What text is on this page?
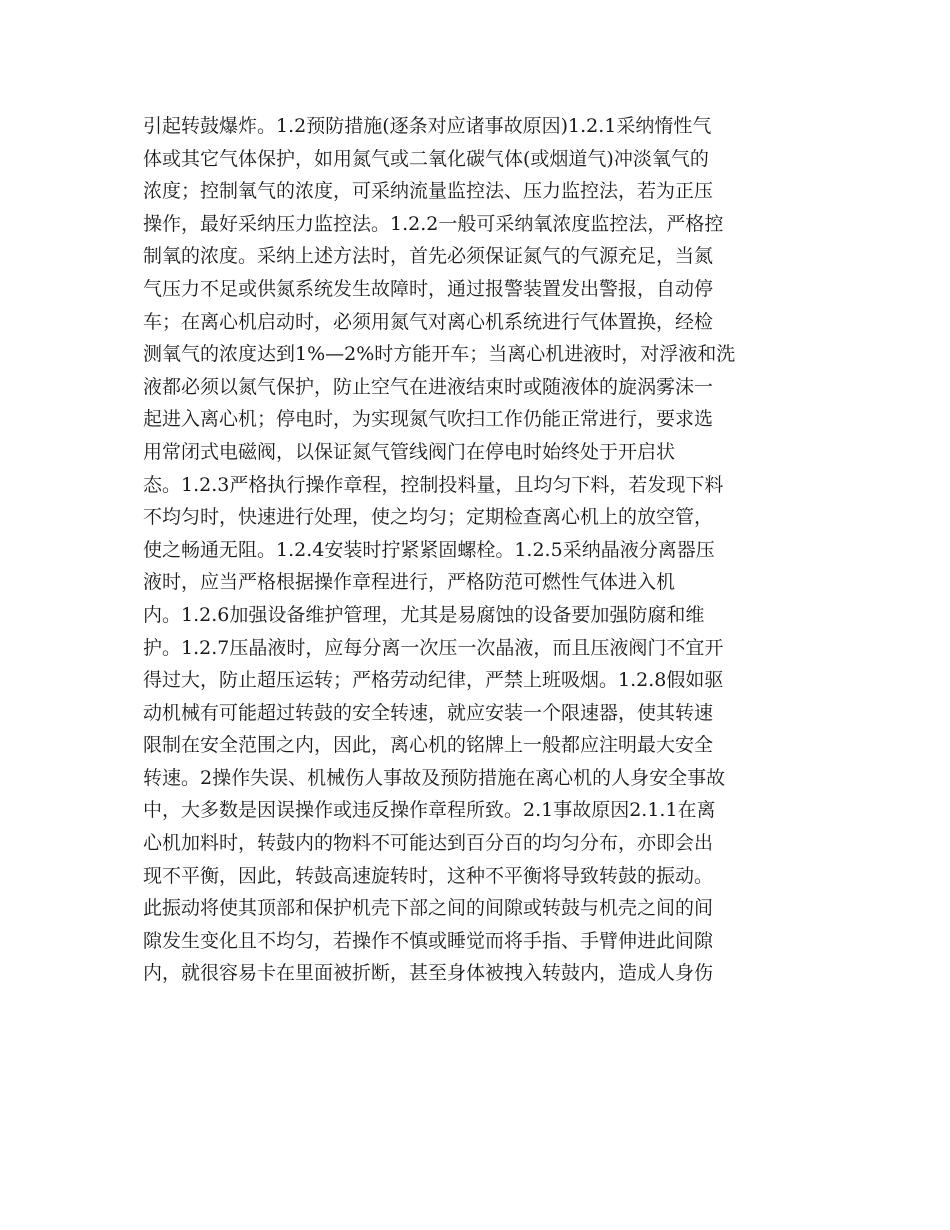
引起转鼓爆炸。1.2预防措施(逐条对应诸事故原因)1.2.1采纳惰性气
体或其它气体保护，如用氮气或二氧化碳气体(或烟道气)冲淡氧气的
浓度；控制氧气的浓度，可采纳流量监控法、压力监控法，若为正压
操作，最好采纳压力监控法。1.2.2一般可采纳氧浓度监控法，严格控
制氧的浓度。采纳上述方法时，首先必须保证氮气的气源充足，当氮
气压力不足或供氮系统发生故障时，通过报警装置发出警报，自动停
车；在离心机启动时，必须用氮气对离心机系统进行气体置换，经检
测氧气的浓度达到1%—2%时方能开车；当离心机进液时，对浮液和洗
液都必须以氮气保护，防止空气在进液结束时或随液体的旋涡雾沫一
起进入离心机；停电时，为实现氮气吹扫工作仍能正常进行，要求选
用常闭式电磁阀，以保证氮气管线阀门在停电时始终处于开启状
态。1.2.3严格执行操作章程，控制投料量，且均匀下料，若发现下料
不均匀时，快速进行处理，使之均匀；定期检查离心机上的放空管，
使之畅通无阻。1.2.4安装时拧紧紧固螺栓。1.2.5采纳晶液分离器压
液时，应当严格根据操作章程进行，严格防范可燃性气体进入机
内。1.2.6加强设备维护管理，尤其是易腐蚀的设备要加强防腐和维
护。1.2.7压晶液时，应每分离一次压一次晶液，而且压液阀门不宜开
得过大，防止超压运转；严格劳动纪律，严禁上班吸烟。1.2.8假如驱
动机械有可能超过转鼓的安全转速，就应安装一个限速器，使其转速
限制在安全范围之内，因此，离心机的铭牌上一般都应注明最大安全
转速。2操作失误、机械伤人事故及预防措施在离心机的人身安全事故
中，大多数是因误操作或违反操作章程所致。2.1事故原因2.1.1在离
心机加料时，转鼓内的物料不可能达到百分百的均匀分布，亦即会出
现不平衡，因此，转鼓高速旋转时，这种不平衡将导致转鼓的振动。
此振动将使其顶部和保护机壳下部之间的间隙或转鼓与机壳之间的间
隙发生变化且不均匀，若操作不慎或睡觉而将手指、手臂伸进此间隙
内，就很容易卡在里面被折断，甚至身体被拽入转鼓内，造成人身伤
